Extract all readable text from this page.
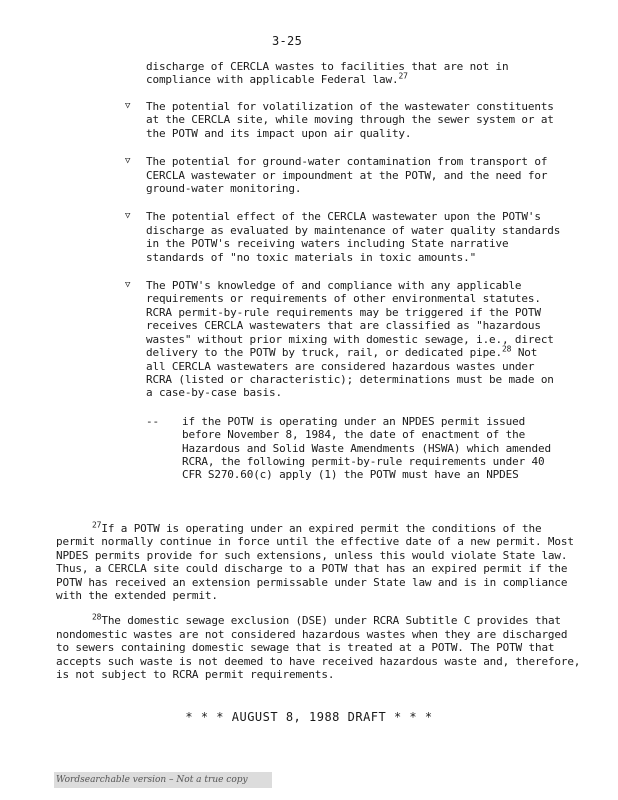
3-25
discharge of CERCLA wastes to facilities that are not in compliance with applicable Federal law.$^{27}$
▽ The potential for volatilization of the wastewater constituents at the CERCLA site, while moving through the sewer system or at the POTW and its impact upon air quality.
▽ The potential for ground-water contamination from transport of CERCLA wastewater or impoundment at the POTW, and the need for ground-water monitoring.
▽ The potential effect of the CERCLA wastewater upon the POTW's discharge as evaluated by maintenance of water quality standards in the POTW's receiving waters including State narrative standards of "no toxic materials in toxic amounts."
▽ The POTW's knowledge of and compliance with any applicable requirements or requirements of other environmental statutes. RCRA permit-by-rule requirements may be triggered if the POTW receives CERCLA wastewaters that are classified as "hazardous wastes" without prior mixing with domestic sewage, i.e., direct delivery to the POTW by truck, rail, or dedicated pipe.$^{28}$ Not all CERCLA wastewaters are considered hazardous wastes under RCRA (listed or characteristic); determinations must be made on a case-by-case basis.
-- if the POTW is operating under an NPDES permit issued before November 8, 1984, the date of enactment of the Hazardous and Solid Waste Amendments (HSWA) which amended RCRA, the following permit-by-rule requirements under 40 CFR S270.60(c) apply (1) the POTW must have an NPDES

$^{27}$If a POTW is operating under an expired permit the conditions of the permit normally continue in force until the effective date of a new permit. Most NPDES permits provide for such extensions, unless this would violate State law. Thus, a CERCLA site could discharge to a POTW that has an expired permit if the POTW has received an extension permissable under State law and is in compliance with the extended permit.

$^{28}$The domestic sewage exclusion (DSE) under RCRA Subtitle C provides that nondomestic wastes are not considered hazardous wastes when they are discharged to sewers containing domestic sewage that is treated at a POTW. The POTW that accepts such waste is not deemed to have received hazardous waste and, therefore, is not subject to RCRA permit requirements.

* * * AUGUST 8, 1988 DRAFT * * *
Wordsearchable version – Not a true copy
